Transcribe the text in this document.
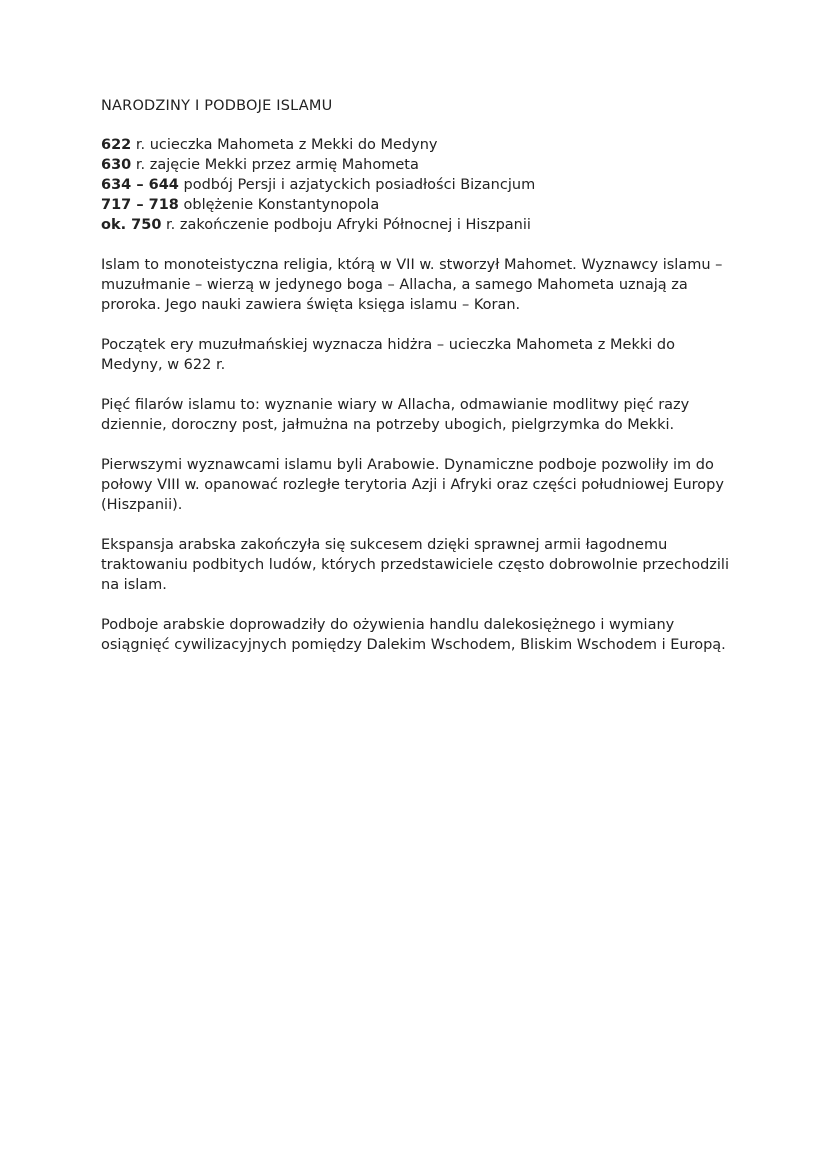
NARODZINY I PODBOJE ISLAMU
622 r. ucieczka Mahometa z Mekki do Medyny
630 r. zajęcie Mekki przez armię Mahometa
634 – 644 podbój Persji i azjatyckich posiadłości Bizancjum
717 – 718 oblężenie Konstantynopola
ok. 750 r. zakończenie podboju Afryki Północnej i Hiszpanii

Islam to monoteistyczna religia, którą w VII w. stworzył Mahomet. Wyznawcy islamu – muzułmanie – wierzą w jedynego boga – Allacha, a samego Mahometa uznają za proroka. Jego nauki zawiera święta księga islamu – Koran.

Początek ery muzułmańskiej wyznacza hidżra – ucieczka Mahometa z Mekki do Medyny, w 622 r.

Pięć filarów islamu to: wyznanie wiary w Allacha, odmawianie modlitwy pięć razy dziennie, doroczny post, jałmużna na potrzeby ubogich, pielgrzymka do Mekki.

Pierwszymi wyznawcami islamu byli Arabowie. Dynamiczne podboje pozwoliły im do połowy VIII w. opanować rozległe terytoria Azji i Afryki oraz części południowej Europy (Hiszpanii).

Ekspansja arabska zakończyła się sukcesem dzięki sprawnej armii łagodnemu traktowaniu podbitych ludów, których przedstawiciele często dobrowolnie przechodzili na islam.

Podboje arabskie doprowadziły do ożywienia handlu dalekosiężnego i wymiany osiągnięć cywilizacyjnych pomiędzy Dalekim Wschodem, Bliskim Wschodem i Europą.
